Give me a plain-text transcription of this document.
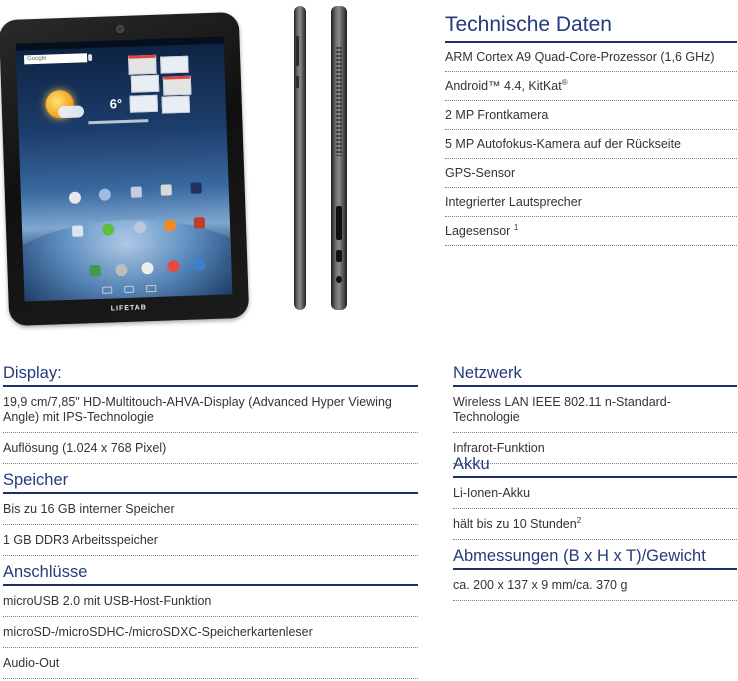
Google
6°
LIFETAB
Technische Daten
ARM Cortex A9 Quad-Core-Prozessor (1,6 GHz)
Android™ 4.4, KitKat®
2 MP Frontkamera
5 MP Autofokus-Kamera auf der Rückseite
GPS-Sensor
Integrierter Lautsprecher
Lagesensor $^1$
Display:
19,9 cm/7,85" HD-Multitouch-AHVA-Display (Advanced Hyper Viewing Angle) mit IPS-Technologie
Auflösung (1.024 x 768 Pixel)
Speicher
Bis zu 16 GB interner Speicher
1 GB DDR3 Arbeitsspeicher
Anschlüsse
microUSB 2.0 mit USB-Host-Funktion
microSD-/microSDHC-/microSDXC-Speicherkartenleser
Audio-Out
Netzwerk
Wireless LAN IEEE 802.11 n-Standard-Technologie
Infrarot-Funktion
Akku
Li-Ionen-Akku
hält bis zu 10 Stunden$^2$
Abmessungen (B x H x T)/Gewicht
ca. 200 x 137 x 9 mm/ca. 370 g
